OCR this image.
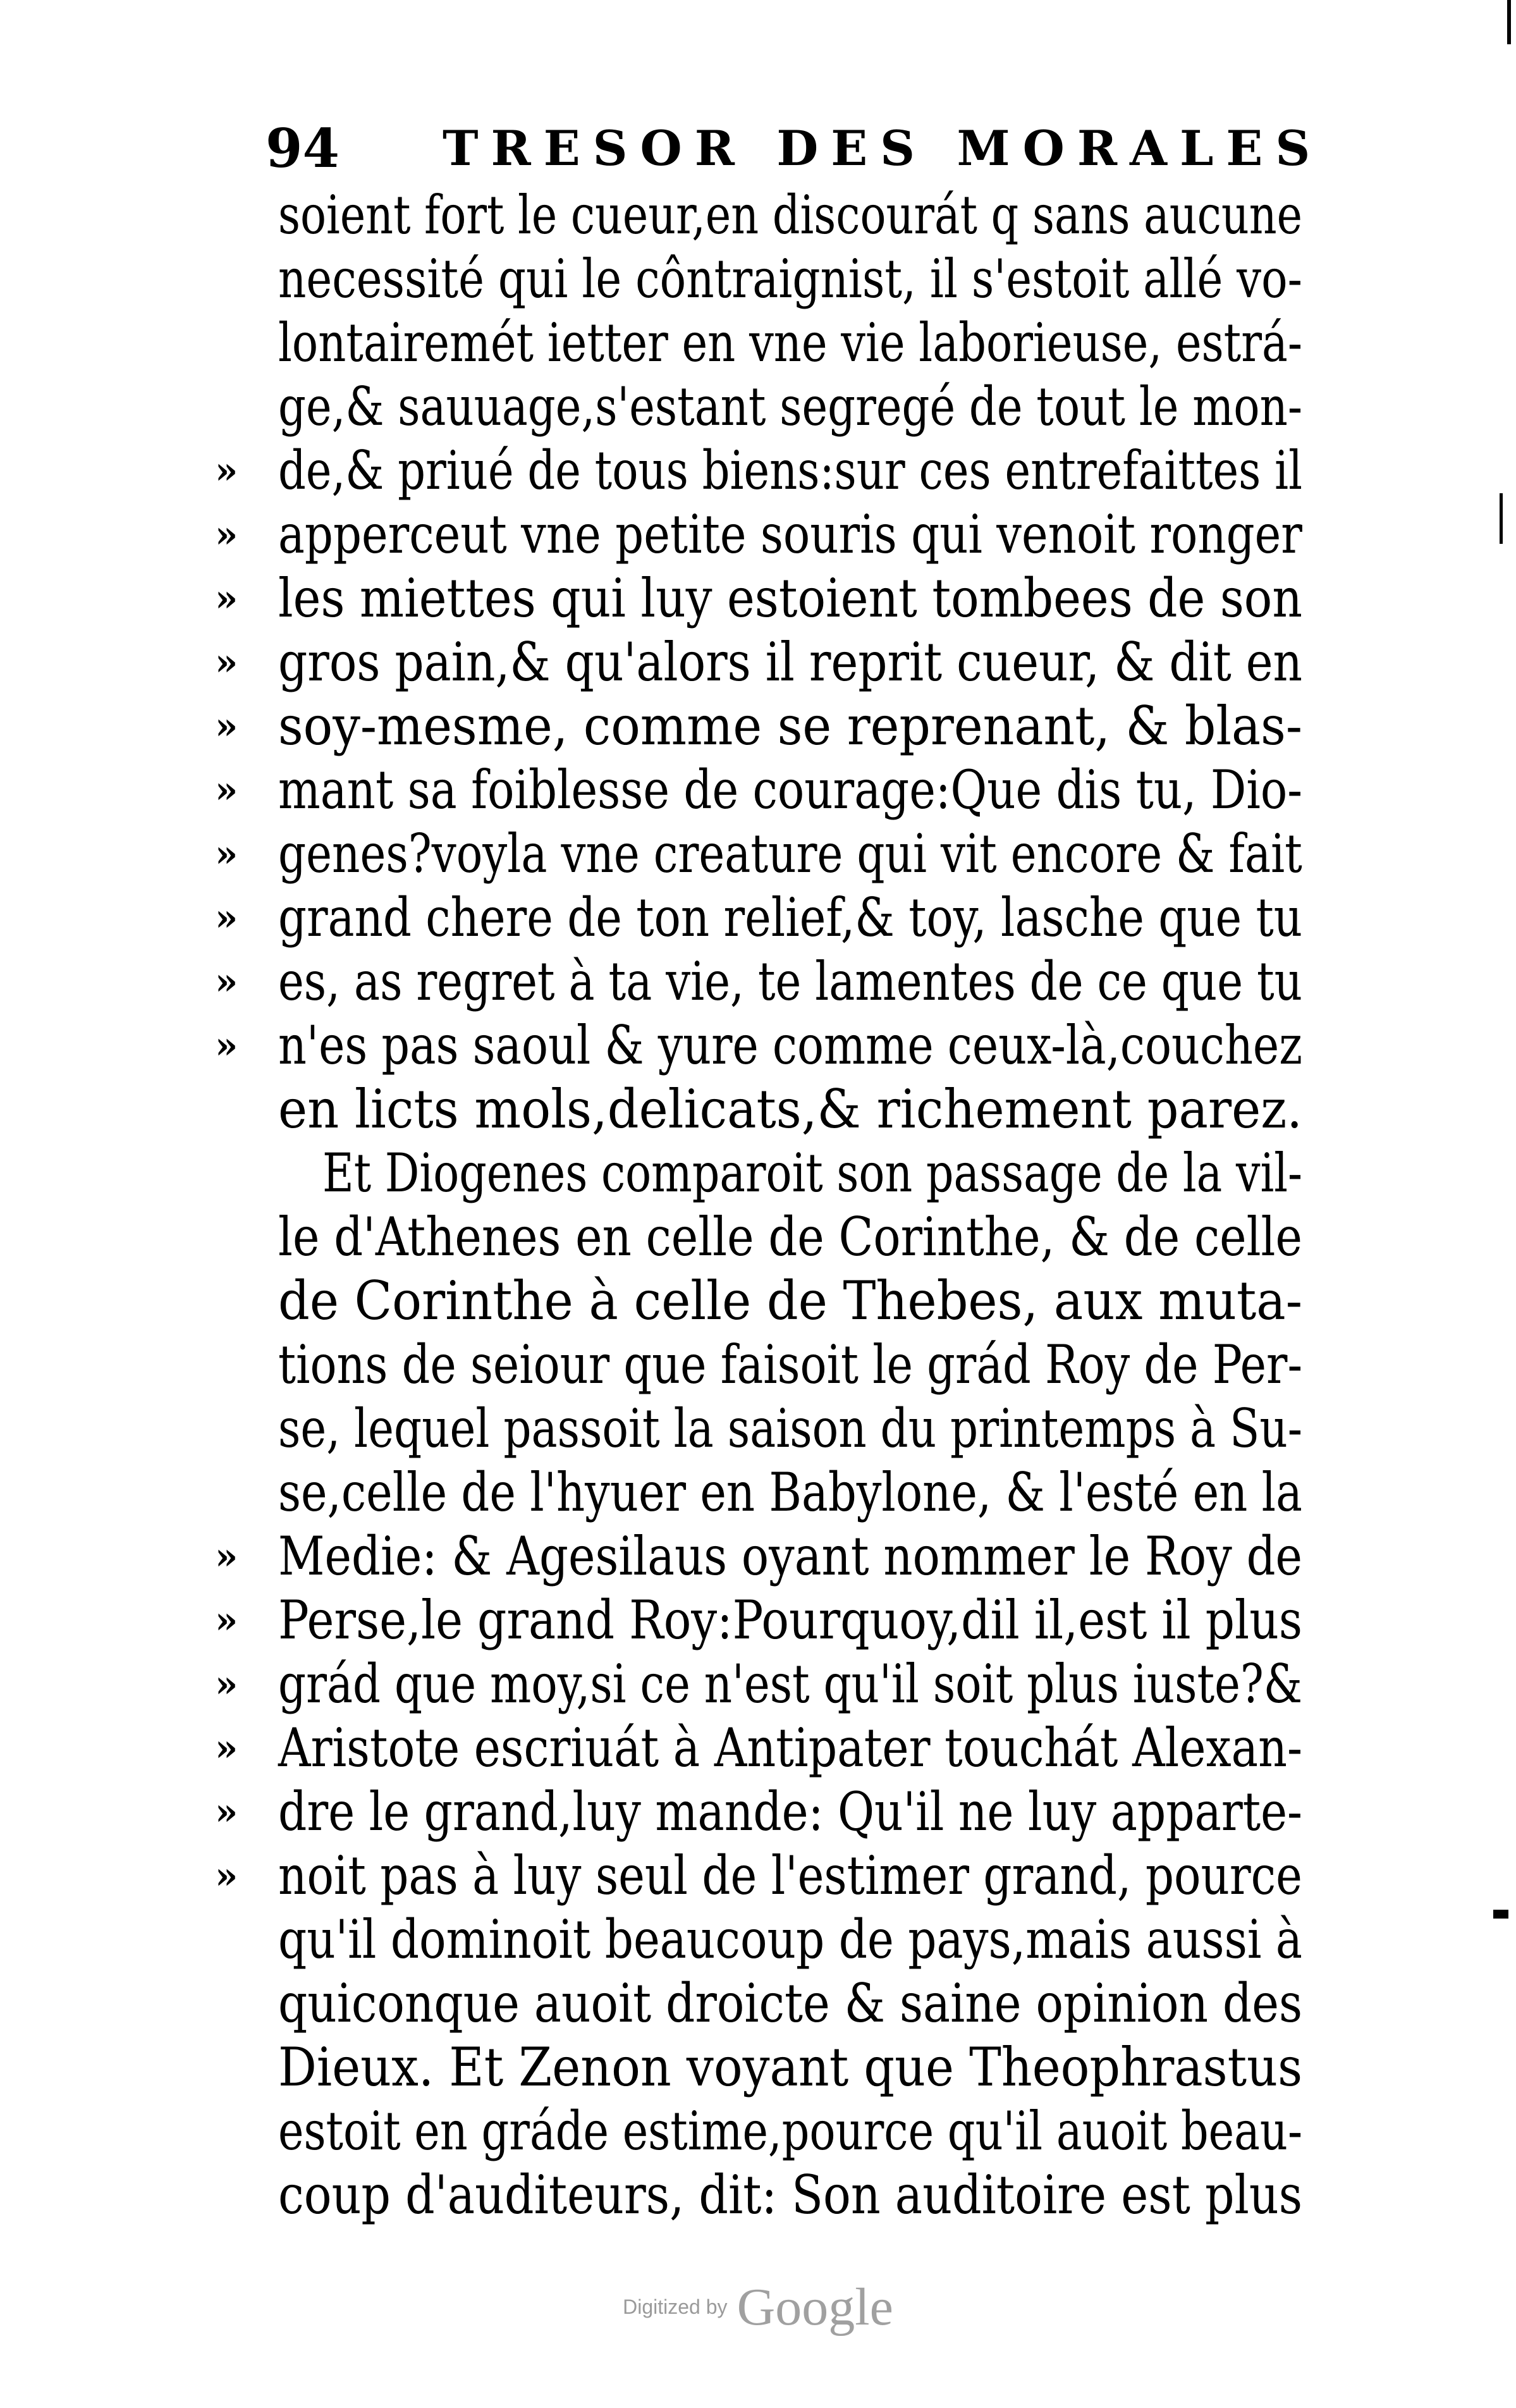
94 TRESOR DES MORALES
soient fort le cueur,en discourát q sans aucune
necessité qui le côntraignist, il s'estoit allé vo-
lontairemét ietter en vne vie laborieuse, estrá-
ge,& sauuage,s'estant segregé de tout le mon-
» de,& priué de tous biens:sur ces entrefaittes il
» apperceut vne petite souris qui venoit ronger
» les miettes qui luy estoient tombees de son
» gros pain,& qu'alors il reprit cueur, & dit en
» soy-mesme, comme se reprenant, & blas-
» mant sa foiblesse de courage:Que dis tu, Dio-
» genes?voyla vne creature qui vit encore & fait
» grand chere de ton relief,& toy, lasche que tu
» es, as regret à ta vie, te lamentes de ce que tu
» n'es pas saoul & yure comme ceux-là,couchez
en licts mols,delicats,& richement parez.
Et Diogenes comparoit son passage de la vil-
le d'Athenes en celle de Corinthe, & de celle
de Corinthe à celle de Thebes, aux muta-
tions de seiour que faisoit le grád Roy de Per-
se, lequel passoit la saison du printemps à Su-
se,celle de l'hyuer en Babylone, & l'esté en la
» Medie: & Agesilaus oyant nommer le Roy de
» Perse,le grand Roy:Pourquoy,dil il,est il plus
» grád que moy,si ce n'est qu'il soit plus iuste?&
» Aristote escriuát à Antipater touchát Alexan-
» dre le grand,luy mande: Qu'il ne luy apparte-
» noit pas à luy seul de l'estimer grand, pource
qu'il dominoit beaucoup de pays,mais aussi à
quiconque auoit droicte & saine opinion des
Dieux. Et Zenon voyant que Theophrastus
estoit en gráde estime,pource qu'il auoit beau-
coup d'auditeurs, dit: Son auditoire est plus
Digitized by Google
